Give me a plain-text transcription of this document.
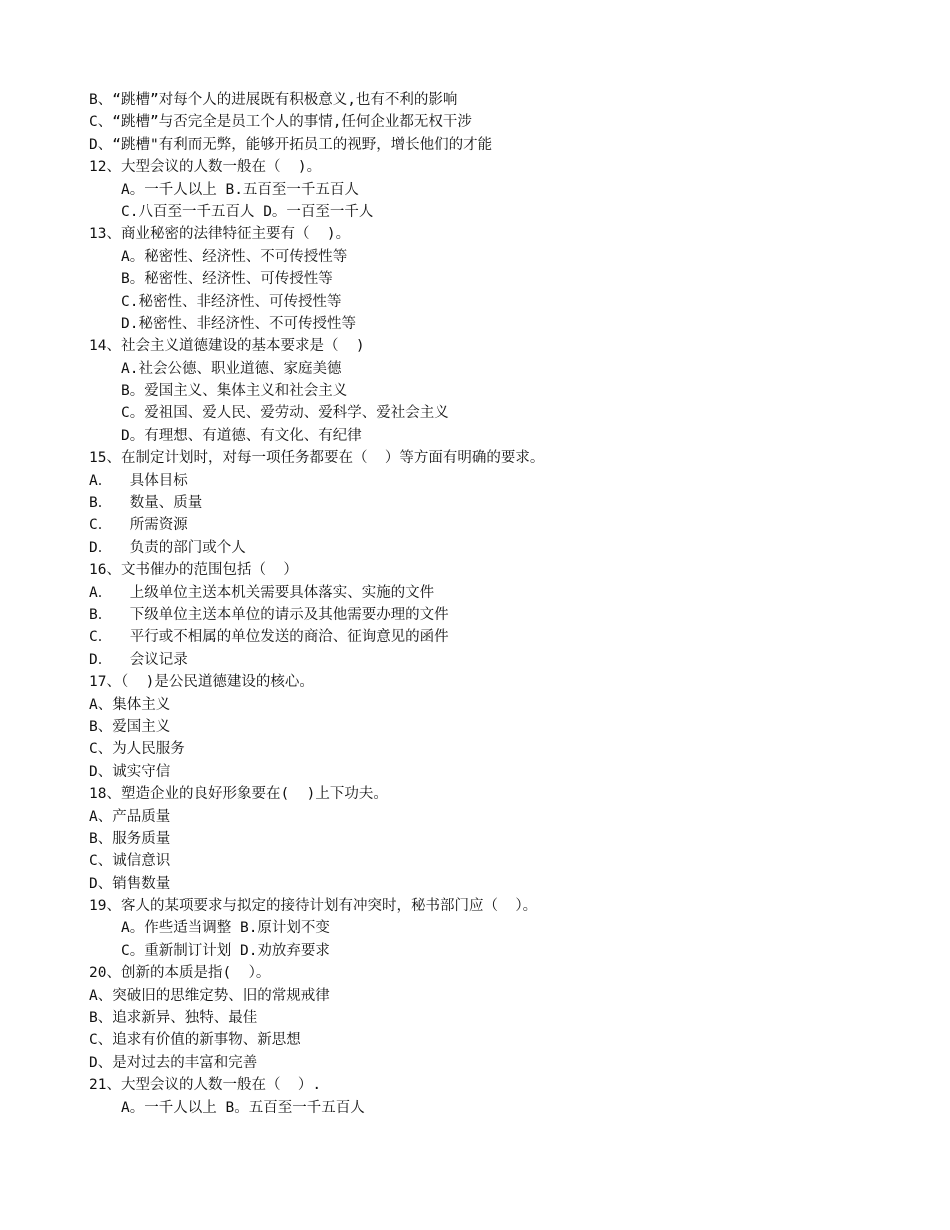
B、“跳槽”对每个人的进展既有积极意义,也有不利的影响
C、“跳槽”与否完全是员工个人的事情,任何企业都无权干涉
D、“跳槽"有利而无弊，能够开拓员工的视野，增长他们的才能
12、大型会议的人数一般在（  )。
A。一千人以上 B.五百至一千五百人
C.八百至一千五百人 D。一百至一千人
13、商业秘密的法律特征主要有（  )。
A。秘密性、经济性、不可传授性等
B。秘密性、经济性、可传授性等
C.秘密性、非经济性、可传授性等
D.秘密性、非经济性、不可传授性等
14、社会主义道德建设的基本要求是（  )
A.社会公德、职业道德、家庭美德
B。爱国主义、集体主义和社会主义
C。爱祖国、爱人民、爱劳动、爱科学、爱社会主义
D。有理想、有道德、有文化、有纪律
15、在制定计划时，对每一项任务都要在（  ）等方面有明确的要求。
A．  具体目标
B．  数量、质量
C．  所需资源
D．  负责的部门或个人
16、文书催办的范围包括（  ）
A．  上级单位主送本机关需要具体落实、实施的文件
B．  下级单位主送本单位的请示及其他需要办理的文件
C．  平行或不相属的单位发送的商洽、征询意见的函件
D．  会议记录
17、（  )是公民道德建设的核心。
A、集体主义
B、爱国主义
C、为人民服务
D、诚实守信
18、塑造企业的良好形象要在(  )上下功夫。
A、产品质量
B、服务质量
C、诚信意识
D、销售数量
19、客人的某项要求与拟定的接待计划有冲突时，秘书部门应（  ）。
A。作些适当调整 B.原计划不变
C。重新制订计划 D.劝放弃要求
20、创新的本质是指(  ）。
A、突破旧的思维定势、旧的常规戒律
B、追求新异、独特、最佳
C、追求有价值的新事物、新思想
D、是对过去的丰富和完善
21、大型会议的人数一般在（  ）.
A。一千人以上 B。五百至一千五百人
